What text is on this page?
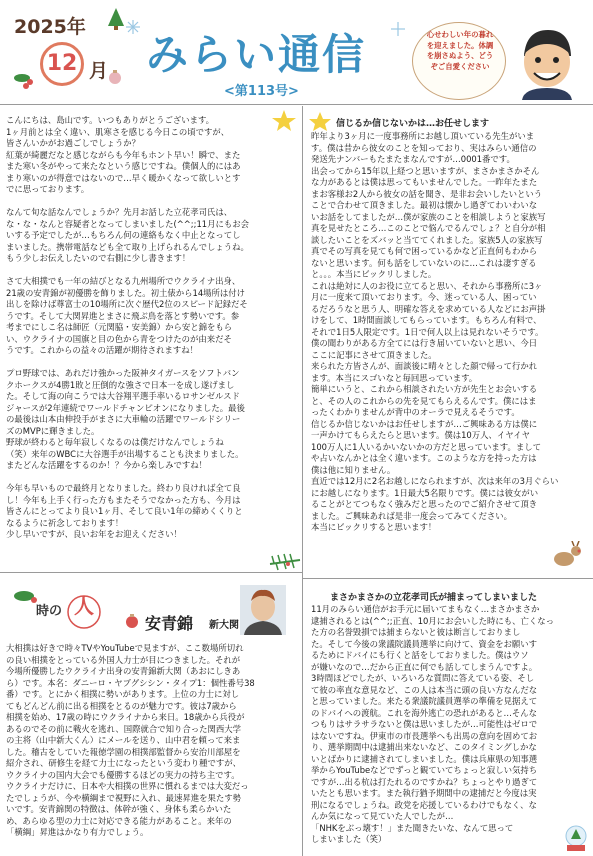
2025年
12 月 みらい通信
<第113号>
心せわしい年の暮れを迎えました。体調を崩さぬよう、どうぞご自愛ください
こんにちは、島山です。いつもありがとうございます。
1ヶ月前とは全く違い、肌寒さを感じる今日この頃ですが、
皆さんいかがお過ごしでしょうか？
紅葉が綺麗だなと感じながらも今年もホント早い！瞬で、また
また寒い冬がやって来たなという感じですね。僕個人的にはあ
まり寒いのが得意ではないので…早く暖かくなって欲しいとす
でに思っております。

なんて旬な話なんでしょうか？先月お話した立花孝司氏は、
な・な・なんと容疑者となってしまいました(^^;;11月にもお会
いする予定でしたが…もちろん何の連絡もなく中止となってし
まいました。携帯電話なども全て取り上げられるんでしょうね。
もう少しお伝えしたいので右側に少し書きます！

さて大相撲でも一年の結びとなる九州場所でウクライナ出身、
21歳の安青錦が初優勝を飾りました。初土俵から14場所は付け
出しを除けば尊富士の10場所に次ぐ歴代2位のスピード記録だそ
うです。そして大関昇進とまさに飛ぶ鳥を落とす勢いです。参
考までにしこ名は師匠（元関脇・安美錦）から安と錦をもら
い、ウクライナの国旗と目の色から青をつけたのが由来だそ
うです。これからの益々の活躍が期待されますね！

プロ野球では、あれだけ強かった阪神タイガースをソフトバン
クホークスが4勝1敗と圧倒的な強さで日本一を成し遂げまし
た。そして海の向こうでは大谷翔平選手率いるロサンゼルスド
ジャースが2年連続でワールドチャンピオンになりました。最後
の最後は山本由伸投手がまさに大車輪の活躍でワールドシリー
ズのMVPに輝きました。
野球が終わると毎年寂しくなるのは僕だけなんでしょうね
（笑）来年のWBCに大谷選手が出場することも決まりました。
またどんな活躍をするのか！？今から楽しみですね！

今年も早いもので最終月となりました。終わり良ければ全て良
し！今年も上手く行った方もまたそうでなかった方も、今月は
皆さんにとってより良い1ヶ月、そして良い1年の締めくくりと
なるように祈念しております！
少し早いですが、良いお年をお迎えください！
時の 人
安青錦 新大関
大相撲は好きで時々TVやYouTubeで見ますが、ここ数場所切れ
の良い相撲をとっている外国人力士が目につきました。それが
今場所優勝したウクライナ出身の安青錦新大関（あおにしきあ
ら）です。本名：ダニーロ・ヤブグシシン・タイプ1：個性番号38
番）です。とにかく相撲に勢いがあります。上位の力士に対し
てもどんどん前に出る相撲をとるのが魅力です。彼は7歳から
相撲を始め、17歳の時にウクライナから来日。18歳から兵役が
あるのでその前に戦火を逃れ、国際就合で知り合った関西大学
の主将（山中新大くん）にメールを送り、山中君を頼って来ま
した。稽古をしていた報徳学園の相撲部監督から安治川部屋を
紹介され、研修生を経て力士になったという変わり種ですが、
ウクライナの国内大会でも優勝するほどの実力の持ち主です。
ウクライナだけに、日本や大相撲の世界に慣れるまでは大変だっ
たでしょうが、今や横綱まで視野に入れ、最速昇進を果たす勢
いです。安青錦関の特徴は、体幹が強く、身体も柔らかいた
め、あらゆる型の力士に対応できる能力があること。来年の
「横綱」昇進はかなり有力でしょう。
信じるか信じないかは…お任せします
昨年より3ヶ月に一度事務所にお越し頂いている先生がいま
す。僕は昔から彼女のことを知っており、実はみらい通信の
発送先ナンバーもたまたまなんですが…0001番です。
出会ってから15年以上経つと思いますが、まさかまさかそん
な力があるとは僕は思ってもいませんでした。一昨年たまた
まお客様お2人から彼女の話を聞き、是非お会いしたいという
ことで合わせて頂きました。最初は懐かし過ぎてわいわいな
いお話をしてましたが…僕が家族のことを相談しようと家族写
真を見せたところ…このことで悩んでるんでしょ？と自分が相
談したいことをズバッと当ててくれました。家族5人の家族写
真でその写真を見ても何で困っているかなど正直何もわから
ないと思います。何も話をしていないのに…これは凄すぎる
と。。。本当にビックリしました。
これは絶対に人のお役に立てると思い、それから事務所に3ヶ
月に一度来て頂いております。今、迷っている人、困ってい
るだろうなと思う人、明確な答えを求めている人などにお声掛
けをして、1時間面談してもらっています。もちろん有料で、
それで1日5人限定です。1日で何人以上は見れないそうです。
僕の聞わりがある方全てには行き届いていないと思い、今日
ここに記事にさせて頂きました。
来られた方皆さんが、面談後に晴々とした顔で帰って行かれ
ます。本当にスゴいなと毎回思っています。
簡単にいうと、これから相談されたい方が先生とお会いする
と、その人のこれからの先を見てもらえるんです。僕にはま
ったくわかりませんが背中のオーラで見えるそうです。
信じるか信じないかはお任せしますが…ご興味ある方は僕に
一声かけてもらえたらと思います。僕は10万人、イヤイヤ
100万人に1人いるかいないかの方だと思っています。まして
や占いなんかとは全く違います。このような方を持った方は
僕は他に知りません。
直近では12月に2名お越しになられますが、次は来年の3月ぐらい
にお越しになります。1日最大5名限りです。僕には彼女がい
ることがとてつもなく強みだと思ったのでご紹介させて頂き
ました。ご興味あれば是非一度会ってみてください。
本当にビックリすると思います！
まさかまさかの立花孝司氏が捕まってしまいました
11月のみらい通信がお手元に届いてまもなく…まさかまさか
逮捕されるとは(^^;;正直、10月にお会いした時にも、亡くなっ
た方の名誉毀損では捕まらないと彼は断言しておりまし
た。そして今後の衆議院議員選挙に向けて、資金をお願いす
るためにドバイにも行くと話をしておりました。僕はウソ
が嫌いなので…だから正直に何でも話してしまうんですよ。
3時間ほどでしたが、いろいろな質問に答えている姿、そし
て彼の率直な意見など、この人は本当に頭の良い方なんだな
と思っていました。来たる衆議院議員選挙の準備を見据えて
のドバイへの渡航。これを海外逃亡の恐れがあると…そんな
つもりはサラサラないと僕は思いましたが…可能性はゼロで
はないですね。伊東市の市長選挙へも出馬の意向を固めてお
り、選挙期間中は逮捕出来ないなど、このタイミングしかな
いとばかりに逮捕されてしまいました。僕は兵庫県の知事選
挙からYouTubeなどでずっと観ていてちょっと寂しい気持ち
ですが…出る杭は打たれるのですかね？ちょっとやり過ぎて
いたとも思います。また執行猶予期間中の逮捕だと今度は実
刑になるでしょうね。政党を応援しているわけでもなく、な
んか気になって見ていた人でしたが…
「NHKをぶっ壊す！」また聞きたいな、なんて思って
しまいました（笑）
